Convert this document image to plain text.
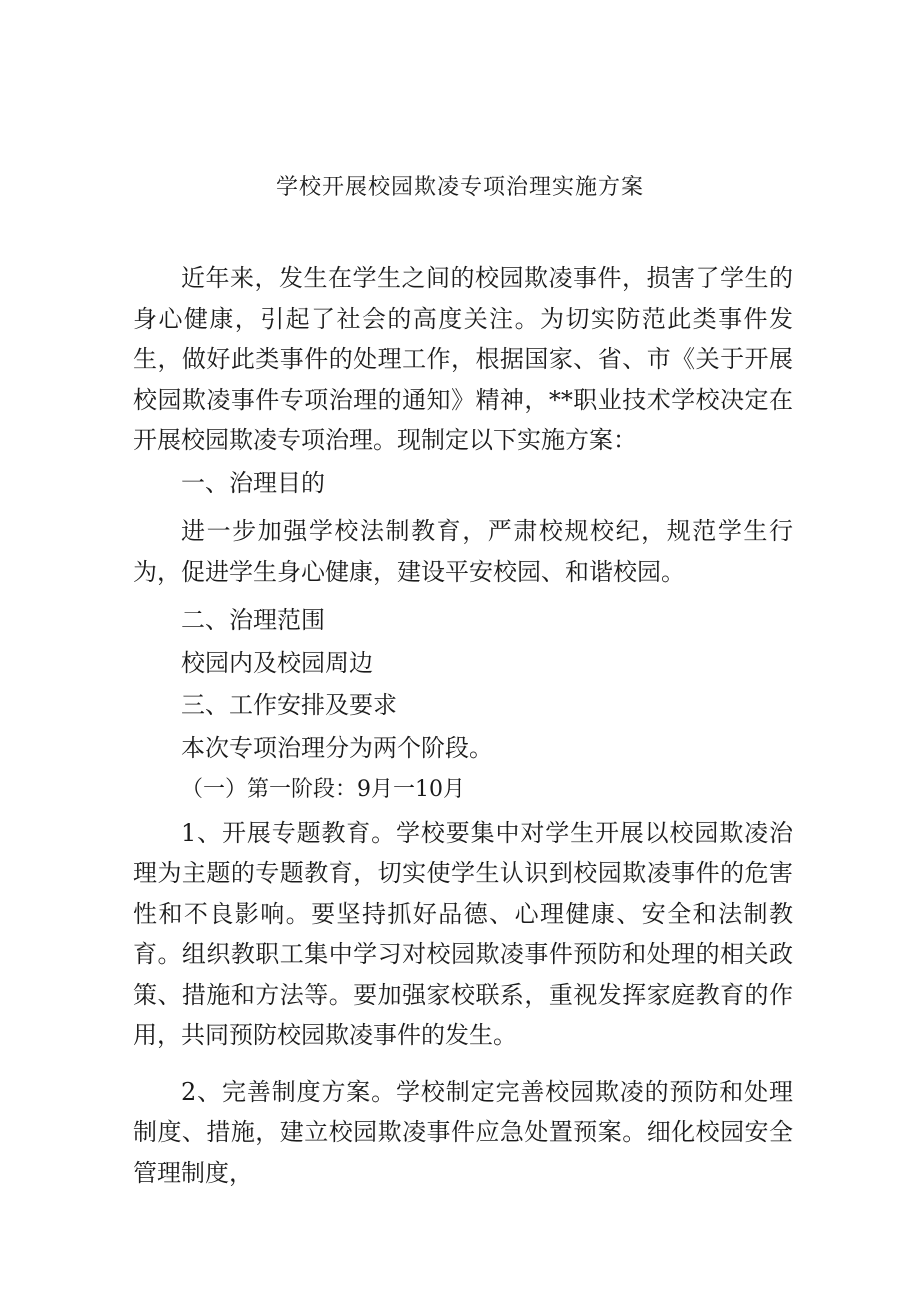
学校开展校园欺凌专项治理实施方案

近年来，发生在学生之间的校园欺凌事件，损害了学生的身心健康，引起了社会的高度关注。为切实防范此类事件发生，做好此类事件的处理工作，根据国家、省、市《关于开展校园欺凌事件专项治理的通知》精神，**职业技术学校决定在开展校园欺凌专项治理。现制定以下实施方案：

一、治理目的

进一步加强学校法制教育，严肃校规校纪，规范学生行为，促进学生身心健康，建设平安校园、和谐校园。

二、治理范围

校园内及校园周边

三、工作安排及要求

本次专项治理分为两个阶段。

（一）第一阶段：9月一10月

1、开展专题教育。学校要集中对学生开展以校园欺凌治理为主题的专题教育，切实使学生认识到校园欺凌事件的危害性和不良影响。要坚持抓好品德、心理健康、安全和法制教育。组织教职工集中学习对校园欺凌事件预防和处理的相关政策、措施和方法等。要加强家校联系，重视发挥家庭教育的作用，共同预防校园欺凌事件的发生。

2、完善制度方案。学校制定完善校园欺凌的预防和处理制度、措施，建立校园欺凌事件应急处置预案。细化校园安全管理制度，
